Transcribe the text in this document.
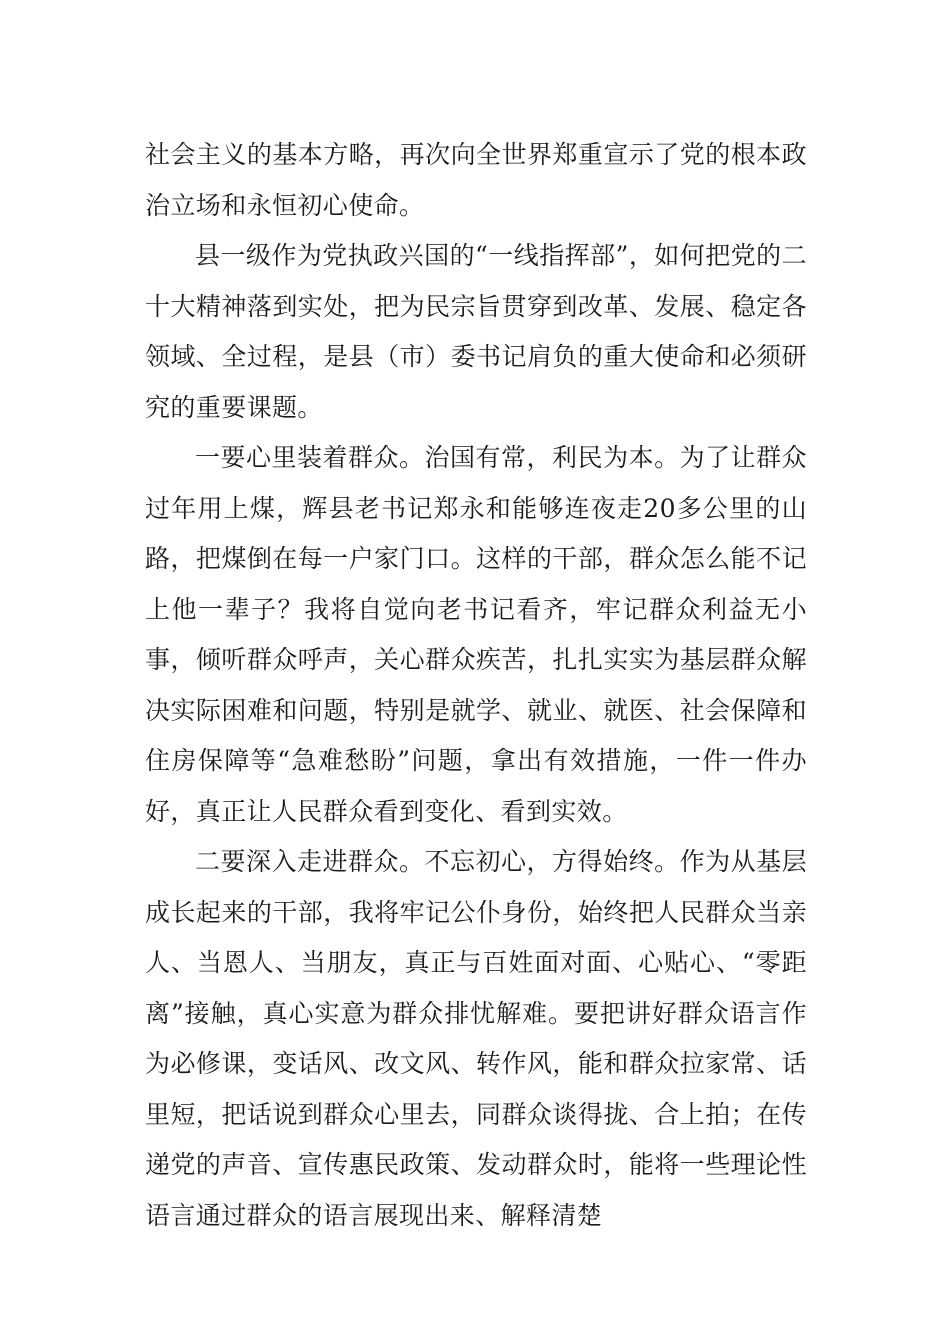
社会主义的基本方略，再次向全世界郑重宣示了党的根本政治立场和永恒初心使命。

县一级作为党执政兴国的“一线指挥部”，如何把党的二十大精神落到实处，把为民宗旨贯穿到改革、发展、稳定各领域、全过程，是县（市）委书记肩负的重大使命和必须研究的重要课题。

一要心里装着群众。治国有常，利民为本。为了让群众过年用上煤，辉县老书记郑永和能够连夜走20多公里的山路，把煤倒在每一户家门口。这样的干部，群众怎么能不记上他一辈子？我将自觉向老书记看齐，牢记群众利益无小事，倾听群众呼声，关心群众疾苦，扎扎实实为基层群众解决实际困难和问题，特别是就学、就业、就医、社会保障和住房保障等“急难愁盼”问题，拿出有效措施，一件一件办好，真正让人民群众看到变化、看到实效。

二要深入走进群众。不忘初心，方得始终。作为从基层成长起来的干部，我将牢记公仆身份，始终把人民群众当亲人、当恩人、当朋友，真正与百姓面对面、心贴心、“零距离”接触，真心实意为群众排忧解难。要把讲好群众语言作为必修课，变话风、改文风、转作风，能和群众拉家常、话里短，把话说到群众心里去，同群众谈得拢、合上拍；在传递党的声音、宣传惠民政策、发动群众时，能将一些理论性语言通过群众的语言展现出来、解释清楚
